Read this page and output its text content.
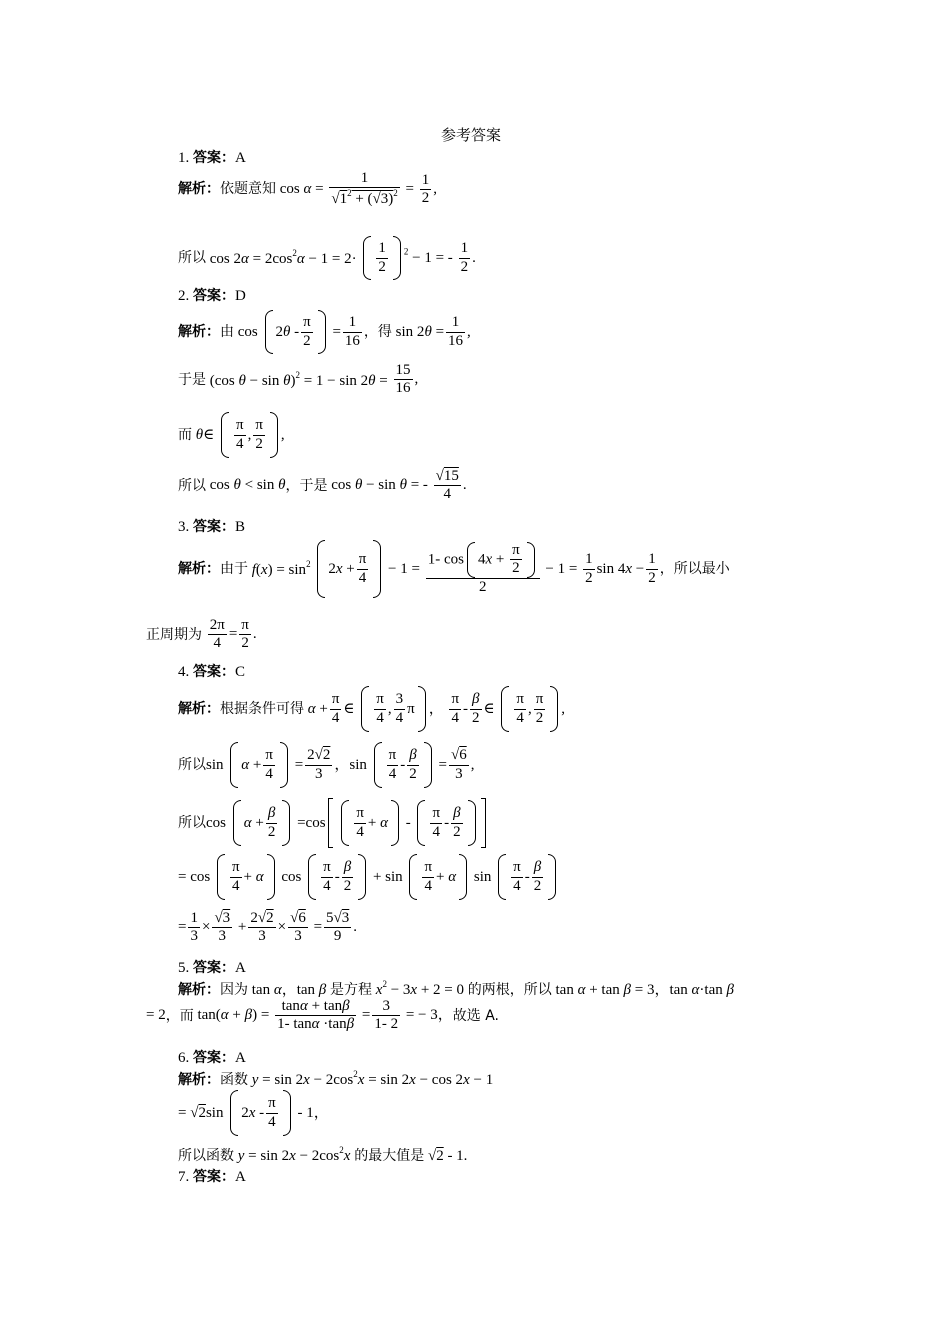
参考答案
1. 答案：A
解析：依题意知 $\cos \alpha = \frac{1}{√1^2 + (√3)^2} = \frac{1}{2}$ ,
所以 $\cos 2\alpha = 2\cos^2\alpha - 1 = 2\cdot \frac{1}{2} ^2 - 1$ = - $\frac{1}{2}$ .
2. 答案：D
解析：由 $\cos 2\theta - \frac{\pi}{2} = \frac{1}{16}$ ，得 $\sin 2\theta = \frac{1}{16}$ ,
于是 (cos $\theta - \sin \theta)^2 = 1 - \sin 2\theta = \frac{15}{16}$ ,
而 θ∈ $\frac{\pi}{4}$ , $\frac{\pi}{2}$ ,
所以 cos θ < sin θ，于是 cos θ − sin θ = - $\frac{√15}{4}$ .
3. 答案：B
解析：由于 $f(x) = \sin^2 2x + \frac{\pi}{4} - 1 = \frac{1- \cos 4x + \frac{\pi}{2}}{2} - 1 = \frac{1}{2}$ $\sin 4x - \frac{1}{2}$ ，所以最小
正周期为 $\frac{2\pi}{4} = \frac{\pi}{2}$ .
4. 答案：C
解析：根据条件可得 $\alpha + \frac{\pi}{4}$ ∈ $\frac{\pi}{4}$ , $\frac{3}{4}$ π ， $\frac{\pi}{4} - \frac{\beta}{2}$ ∈ $\frac{\pi}{4}$ , $\frac{\pi}{2}$ ,
所以$\sin \alpha + \frac{\pi}{4} = \frac{2√2}{3}$ ，$\sin \frac{\pi}{4} - \frac{\beta}{2} = \frac{√6}{3}$ ,
所以$\cos \alpha + \frac{\beta}{2} =\cos \frac{\pi}{4} + \alpha - \frac{\pi}{4} - \frac{\beta}{2}$
= $\cos \frac{\pi}{4} + \alpha$ $\cos \frac{\pi}{4} - \frac{\beta}{2} + \sin \frac{\pi}{4} + \alpha$ $\sin \frac{\pi}{4} - \frac{\beta}{2}$
= $\frac{1}{3} \times \frac{√3}{3} + \frac{2√2}{3} \times \frac{√6}{3} = \frac{5√3}{9}$ .
5. 答案：A
解析：因为 tan α，tan β 是方程 $x^2 - 3x + 2 = 0$ 的两根，所以 tan α + tan β = 3，tan α·tan β
= 2，而 $\tan(\alpha + \beta) = \frac{\tan\alpha + \tan\beta}{1- \tan\alpha \cdot\tan\beta} = \frac{3}{1- 2}$ = − 3，故选 A.
6. 答案：A
解析：函数 $y = \sin 2x - 2\cos^2x = \sin 2x - \cos 2x - 1$
= √2sin $2x - \frac{\pi}{4} - 1$，
所以函数 $y = \sin 2x - 2\cos^2x$ 的最大值是 √2 - 1.
7. 答案：A
